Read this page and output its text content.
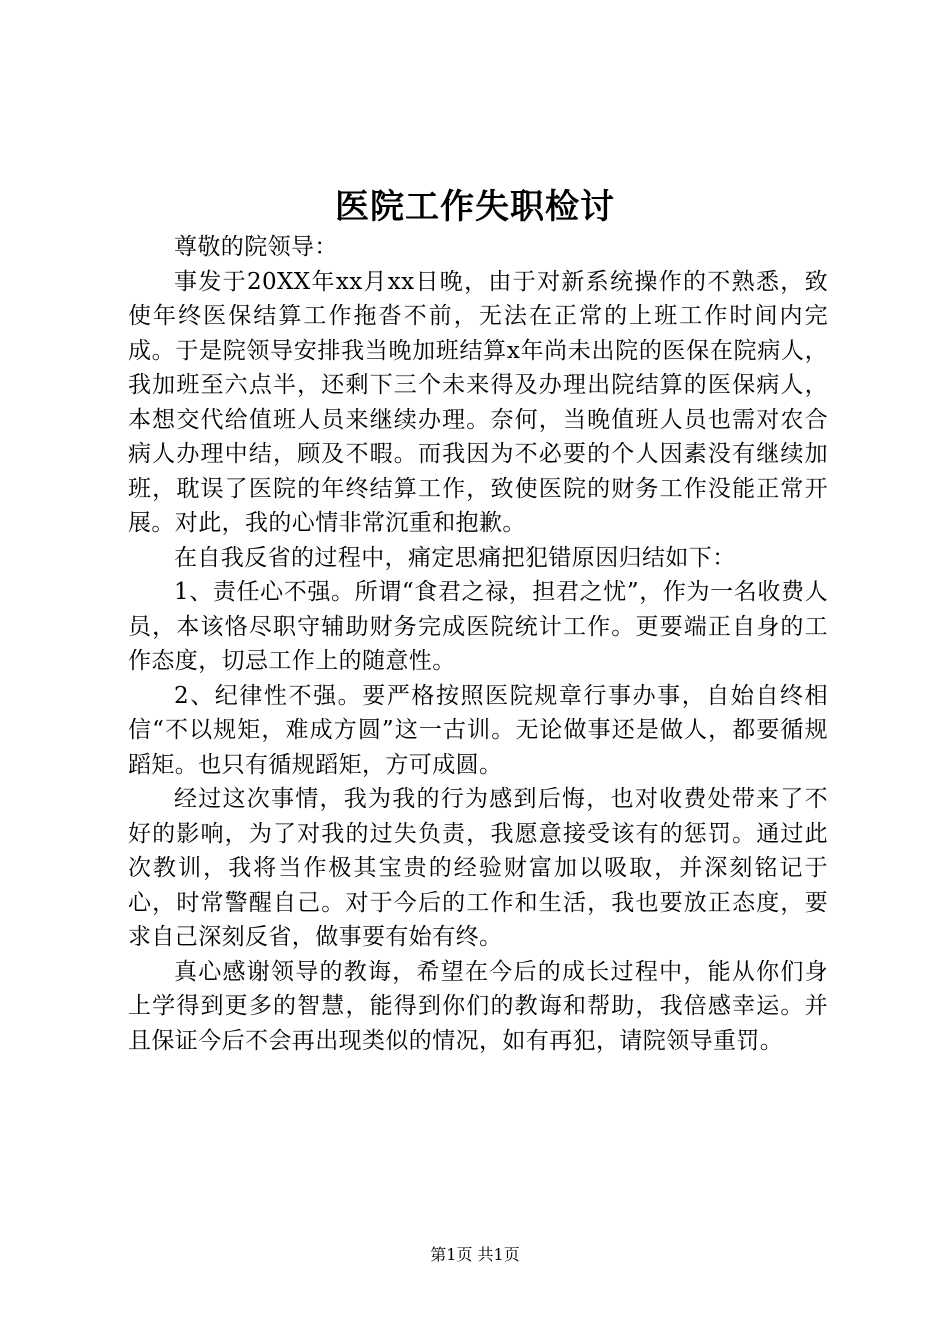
医院工作失职检讨

尊敬的院领导：

事发于20XX年xx月xx日晚，由于对新系统操作的不熟悉，致使年终医保结算工作拖沓不前，无法在正常的上班工作时间内完成。于是院领导安排我当晚加班结算x年尚未出院的医保在院病人，我加班至六点半，还剩下三个未来得及办理出院结算的医保病人，本想交代给值班人员来继续办理。奈何，当晚值班人员也需对农合病人办理中结，顾及不暇。而我因为不必要的个人因素没有继续加班，耽误了医院的年终结算工作，致使医院的财务工作没能正常开展。对此，我的心情非常沉重和抱歉。

在自我反省的过程中，痛定思痛把犯错原因归结如下：

1、责任心不强。所谓“食君之禄，担君之忧”，作为一名收费人员，本该恪尽职守辅助财务完成医院统计工作。更要端正自身的工作态度，切忌工作上的随意性。

2、纪律性不强。要严格按照医院规章行事办事，自始自终相信“不以规矩，难成方圆”这一古训。无论做事还是做人，都要循规蹈矩。也只有循规蹈矩，方可成圆。

经过这次事情，我为我的行为感到后悔，也对收费处带来了不好的影响，为了对我的过失负责，我愿意接受该有的惩罚。通过此次教训，我将当作极其宝贵的经验财富加以吸取，并深刻铭记于心，时常警醒自己。对于今后的工作和生活，我也要放正态度，要求自己深刻反省，做事要有始有终。

真心感谢领导的教诲，希望在今后的成长过程中，能从你们身上学得到更多的智慧，能得到你们的教诲和帮助，我倍感幸运。并且保证今后不会再出现类似的情况，如有再犯，请院领导重罚。

第1页 共1页
